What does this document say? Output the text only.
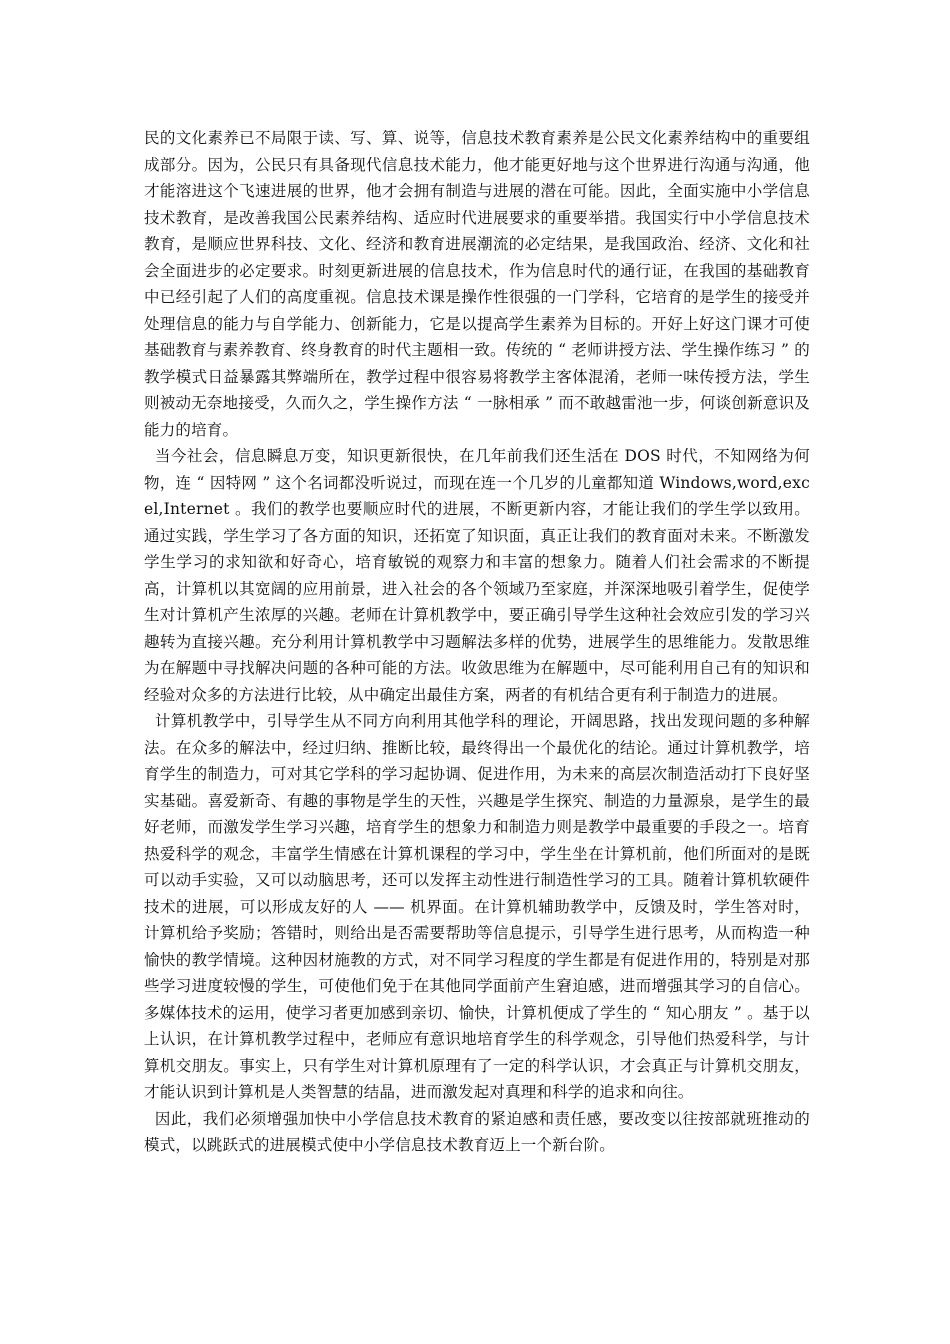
民的文化素养已不局限于读、写、算、说等，信息技术教育素养是公民文化素养结构中的重要组成部分。因为，公民只有具备现代信息技术能力，他才能更好地与这个世界进行沟通与沟通，他才能溶进这个飞速进展的世界，他才会拥有制造与进展的潜在可能。因此，全面实施中小学信息技术教育，是改善我国公民素养结构、适应时代进展要求的重要举措。我国实行中小学信息技术教育，是顺应世界科技、文化、经济和教育进展潮流的必定结果，是我国政治、经济、文化和社会全面进步的必定要求。时刻更新进展的信息技术，作为信息时代的通行证，在我国的基础教育中已经引起了人们的高度重视。信息技术课是操作性很强的一门学科，它培育的是学生的接受并处理信息的能力与自学能力、创新能力，它是以提高学生素养为目标的。开好上好这门课才可使基础教育与素养教育、终身教育的时代主题相一致。传统的 “ 老师讲授方法、学生操作练习 ” 的教学模式日益暴露其弊端所在，教学过程中很容易将教学主客体混淆，老师一味传授方法，学生则被动无奈地接受，久而久之，学生操作方法 “ 一脉相承 ” 而不敢越雷池一步，何谈创新意识及能力的培育。

当今社会，信息瞬息万变，知识更新很快，在几年前我们还生活在 DOS 时代，不知网络为何物，连 “ 因特网 ” 这个名词都没听说过，而现在连一个几岁的儿童都知道 Windows,word,excel,Internet 。我们的教学也要顺应时代的进展，不断更新内容，才能让我们的学生学以致用。通过实践，学生学习了各方面的知识，还拓宽了知识面，真正让我们的教育面对未来。不断激发学生学习的求知欲和好奇心，培育敏锐的观察力和丰富的想象力。随着人们社会需求的不断提高，计算机以其宽阔的应用前景，进入社会的各个领域乃至家庭，并深深地吸引着学生，促使学生对计算机产生浓厚的兴趣。老师在计算机教学中，要正确引导学生这种社会效应引发的学习兴趣转为直接兴趣。充分利用计算机教学中习题解法多样的优势，进展学生的思维能力。发散思维为在解题中寻找解决问题的各种可能的方法。收敛思维为在解题中，尽可能利用自己有的知识和经验对众多的方法进行比较，从中确定出最佳方案，两者的有机结合更有利于制造力的进展。

计算机教学中，引导学生从不同方向利用其他学科的理论，开阔思路，找出发现问题的多种解法。在众多的解法中，经过归纳、推断比较，最终得出一个最优化的结论。通过计算机教学，培育学生的制造力，可对其它学科的学习起协调、促进作用，为未来的高层次制造活动打下良好坚实基础。喜爱新奇、有趣的事物是学生的天性，兴趣是学生探究、制造的力量源泉，是学生的最好老师，而激发学生学习兴趣，培育学生的想象力和制造力则是教学中最重要的手段之一。培育热爱科学的观念，丰富学生情感在计算机课程的学习中，学生坐在计算机前，他们所面对的是既可以动手实验，又可以动脑思考，还可以发挥主动性进行制造性学习的工具。随着计算机软硬件技术的进展，可以形成友好的人 —— 机界面。在计算机辅助教学中，反馈及时，学生答对时，计算机给予奖励；答错时，则给出是否需要帮助等信息提示，引导学生进行思考，从而构造一种愉快的教学情境。这种因材施教的方式，对不同学习程度的学生都是有促进作用的，特别是对那些学习进度较慢的学生，可使他们免于在其他同学面前产生窘迫感，进而增强其学习的自信心。多媒体技术的运用，使学习者更加感到亲切、愉快，计算机便成了学生的 “ 知心朋友 ” 。基于以上认识，在计算机教学过程中，老师应有意识地培育学生的科学观念，引导他们热爱科学，与计算机交朋友。事实上，只有学生对计算机原理有了一定的科学认识，才会真正与计算机交朋友，才能认识到计算机是人类智慧的结晶，进而激发起对真理和科学的追求和向往。

因此，我们必须增强加快中小学信息技术教育的紧迫感和责任感，要改变以往按部就班推动的模式，以跳跃式的进展模式使中小学信息技术教育迈上一个新台阶。
